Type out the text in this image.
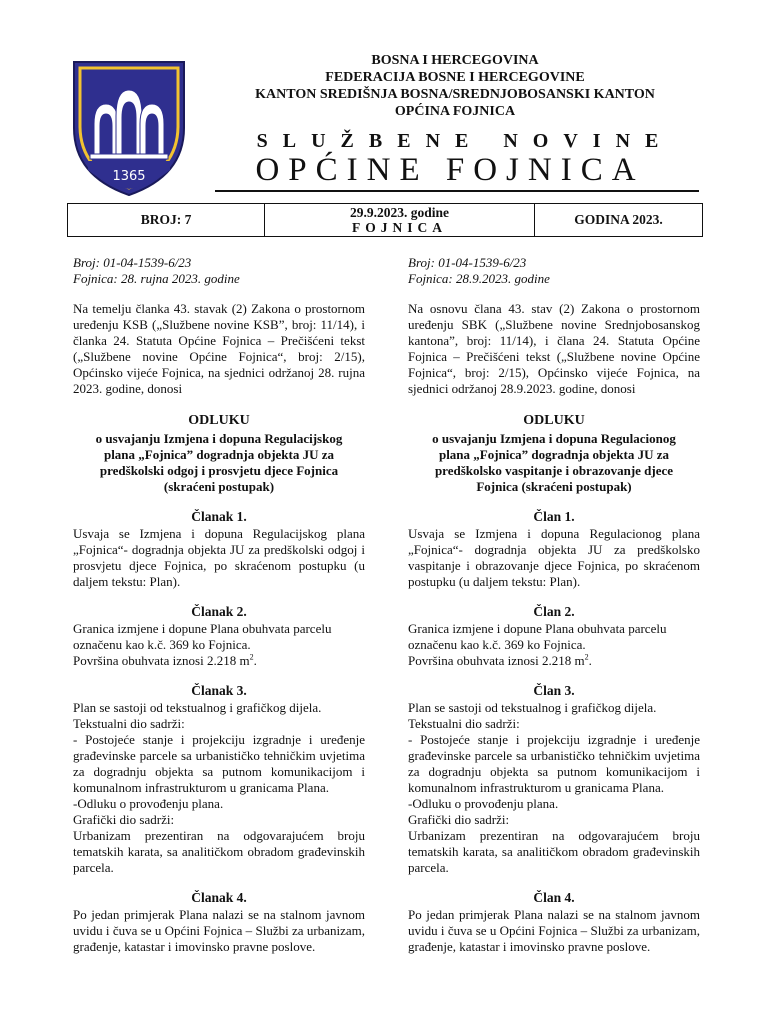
1365
BOSNA I HERCEGOVINA
FEDERACIJA BOSNE I HERCEGOVINE
KANTON SREDIŠNJA BOSNA/SREDNJOBOSANSKI KANTON
OPĆINA FOJNICA
SLUŽBENE NOVINE
OPĆINE FOJNICA
BROJ: 7	29.9.2023. godine
FOJNICA
GODINA 2023.
Broj: 01-04-1539-6/23
Fojnica: 28. rujna 2023. godine

Na temelju članka 43. stavak (2) Zakona o prostornom uređenju KSB („Službene novine KSB”, broj: 11/14), i članka 24. Statuta Općine Fojnica – Prečišćeni tekst („Službene novine Općine Fojnica“, broj: 2/15), Općinsko vijeće Fojnica, na sjednici održanoj 28. rujna 2023. godine, donosi

ODLUKU
o usvajanju Izmjena i dopuna Regulacijskog plana „Fojnica” dogradnja objekta JU za predškolski odgoj i prosvjetu djece Fojnica (skraćeni postupak)
Članak 1.
Usvaja se Izmjena i dopuna Regulacijskog plana „Fojnica“- dogradnja objekta JU za predškolski odgoj i prosvjetu djece Fojnica, po skraćenom postupku (u daljem tekstu: Plan).
Članak 2.
Granica izmjene i dopune Plana obuhvata parcelu označenu kao k.č. 369 ko Fojnica.
Površina obuhvata iznosi 2.218 $m^2$.
Članak 3.
Plan se sastoji od tekstualnog i grafičkog dijela.
Tekstualni dio sadrži:
- Postojeće stanje i projekciju izgradnje i uređenje građevinske parcele sa urbanističko tehničkim uvjetima za dogradnju objekta sa putnom komunikacijom i komunalnom infrastrukturom u granicama Plana.
-Odluku o provođenju plana.
Grafički dio sadrži:
Urbanizam prezentiran na odgovarajućem broju tematskih karata, sa analitičkom obradom građevinskih parcela.
Članak 4.
Po jedan primjerak Plana nalazi se na stalnom javnom uvidu i čuva se u Općini Fojnica – Službi za urbanizam, građenje, katastar i imovinsko pravne poslove.
Broj: 01-04-1539-6/23
Fojnica: 28.9.2023. godine

Na osnovu člana 43. stav (2) Zakona o prostornom uređenju SBK („Službene novine Srednjobosanskog kantona”, broj: 11/14), i člana 24. Statuta Općine Fojnica – Prečišćeni tekst („Službene novine Općine Fojnica“, broj: 2/15), Općinsko vijeće Fojnica, na sjednici održanoj 28.9.2023. godine, donosi

ODLUKU
o usvajanju Izmjena i dopuna Regulacionog plana „Fojnica” dogradnja objekta JU za predškolsko vaspitanje i obrazovanje djece Fojnica (skraćeni postupak)
Član 1.
Usvaja se Izmjena i dopuna Regulacionog plana „Fojnica“- dogradnja objekta JU za predškolsko vaspitanje i obrazovanje djece Fojnica, po skraćenom postupku (u daljem tekstu: Plan).
Član 2.
Granica izmjene i dopune Plana obuhvata parcelu označenu kao k.č. 369 ko Fojnica.
Površina obuhvata iznosi 2.218 $m^2$.
Član 3.
Plan se sastoji od tekstualnog i grafičkog dijela.
Tekstualni dio sadrži:
- Postojeće stanje i projekciju izgradnje i uređenje građevinske parcele sa urbanističko tehničkim uvjetima za dogradnju objekta sa putnom komunikacijom i komunalnom infrastrukturom u granicama Plana.
-Odluku o provođenju plana.
Grafički dio sadrži:
Urbanizam prezentiran na odgovarajućem broju tematskih karata, sa analitičkom obradom građevinskih parcela.
Član 4.
Po jedan primjerak Plana nalazi se na stalnom javnom uvidu i čuva se u Općini Fojnica – Službi za urbanizam, građenje, katastar i imovinsko pravne poslove.
